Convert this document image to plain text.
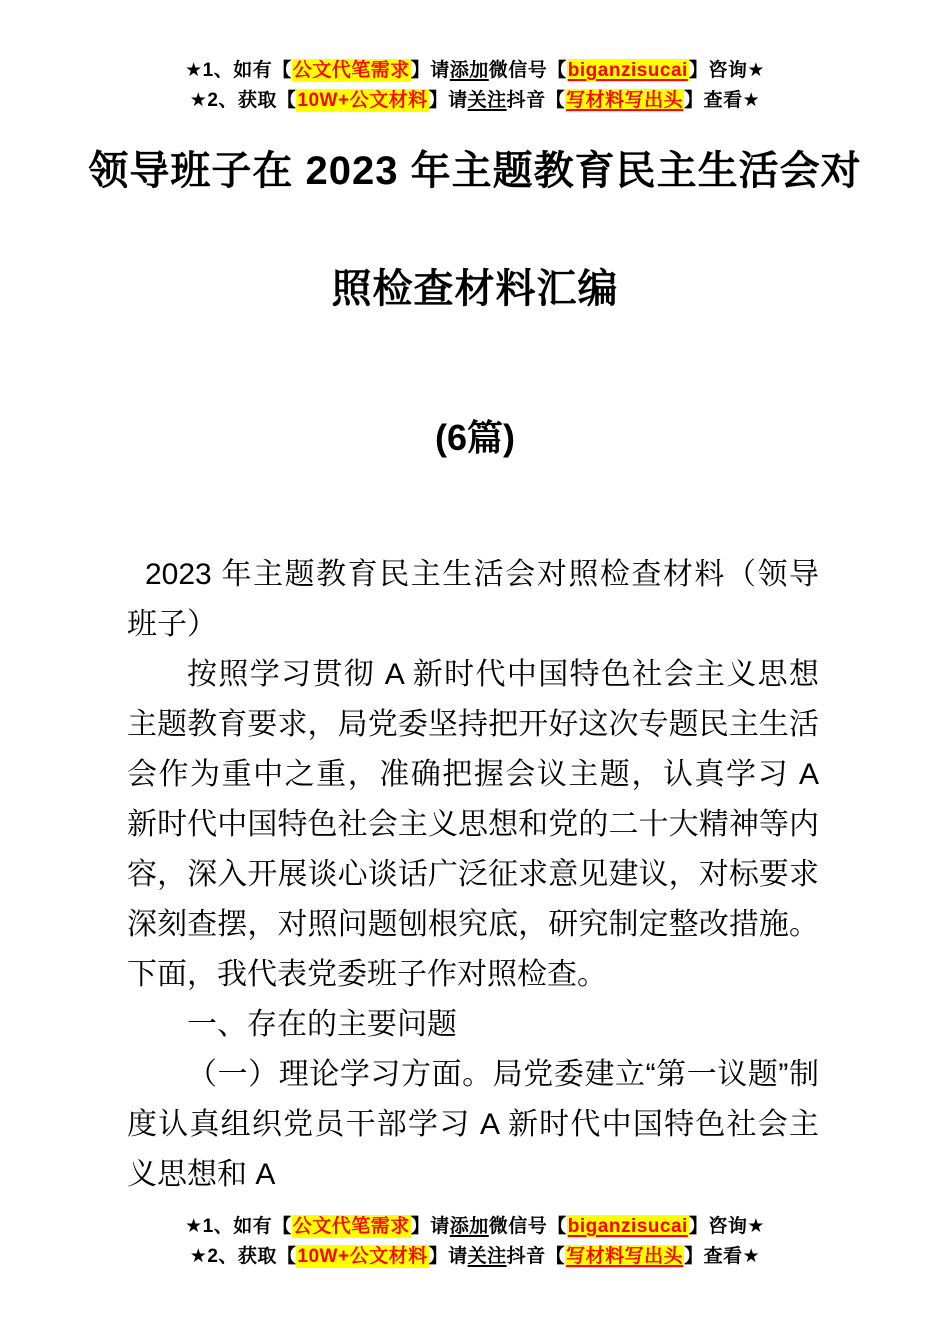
★1、如有【公文代笔需求】请添加微信号【biganzisucai】咨询★
★2、获取【10W+公文材料】请关注抖音【写材料写出头】查看★
领导班子在 2023 年主题教育民主生活会对
照检查材料汇编
(6篇)

2023 年主题教育民主生活会对照检查材料（领导班子）

按照学习贯彻 A 新时代中国特色社会主义思想主题教育要求，局党委坚持把开好这次专题民主生活会作为重中之重，准确把握会议主题，认真学习 A 新时代中国特色社会主义思想和党的二十大精神等内容，深入开展谈心谈话广泛征求意见建议，对标要求深刻查摆，对照问题刨根究底，研究制定整改措施。下面，我代表党委班子作对照检查。

一、存在的主要问题

（一）理论学习方面。局党委建立“第一议题”制度认真组织党员干部学习 A 新时代中国特色社会主义思想和 A

★1、如有【公文代笔需求】请添加微信号【biganzisucai】咨询★
★2、获取【10W+公文材料】请关注抖音【写材料写出头】查看★
